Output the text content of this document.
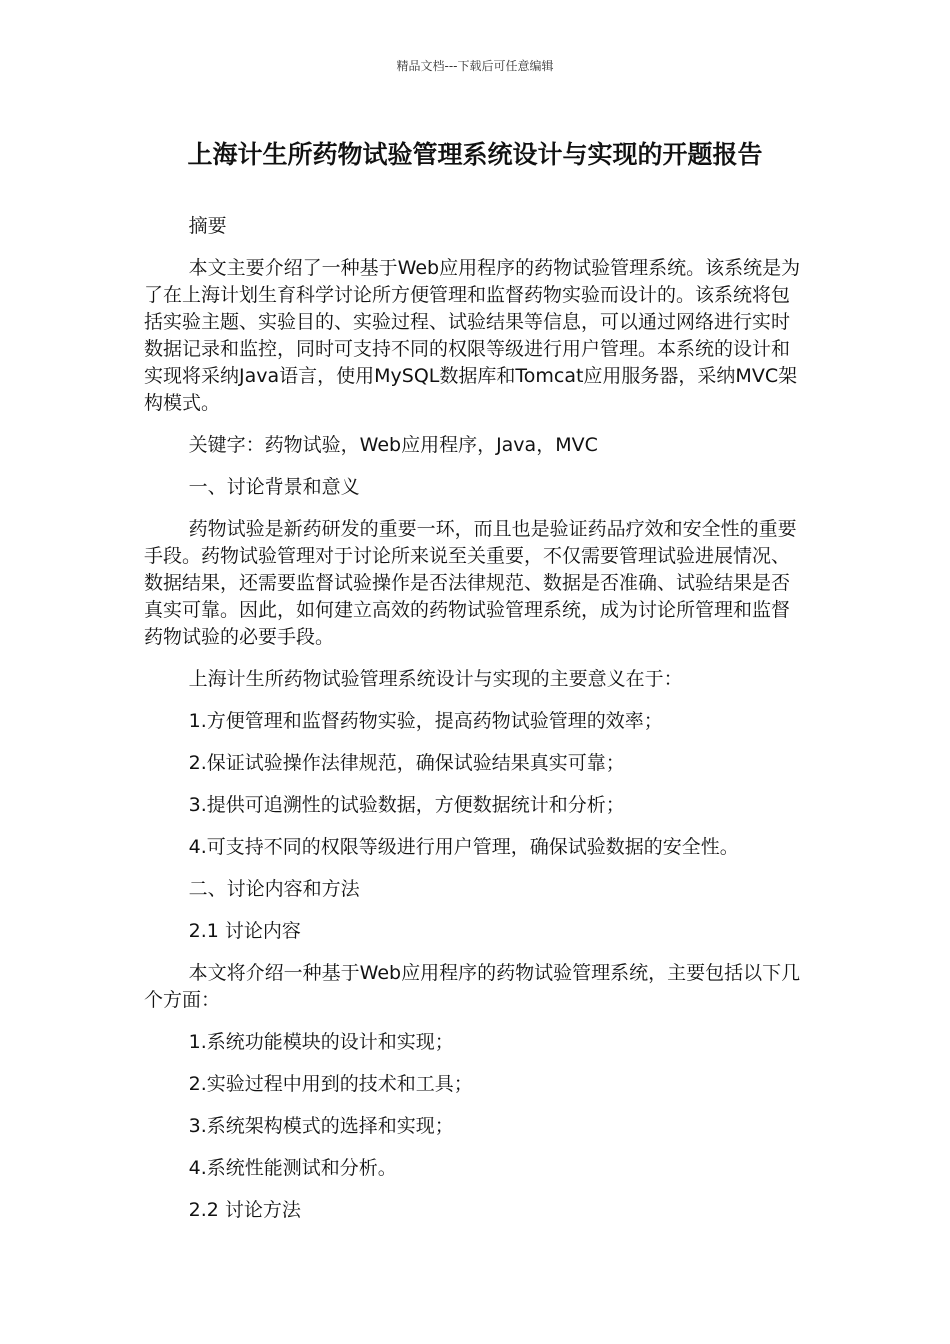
精品文档---下载后可任意编辑
上海计生所药物试验管理系统设计与实现的开题报告

摘要

本文主要介绍了一种基于Web应用程序的药物试验管理系统。该系统是为了在上海计划生育科学讨论所方便管理和监督药物实验而设计的。该系统将包括实验主题、实验目的、实验过程、试验结果等信息，可以通过网络进行实时数据记录和监控，同时可支持不同的权限等级进行用户管理。本系统的设计和实现将采纳Java语言，使用MySQL数据库和Tomcat应用服务器，采纳MVC架构模式。

关键字：药物试验，Web应用程序，Java，MVC

一、讨论背景和意义

药物试验是新药研发的重要一环，而且也是验证药品疗效和安全性的重要手段。药物试验管理对于讨论所来说至关重要，不仅需要管理试验进展情况、数据结果，还需要监督试验操作是否法律规范、数据是否准确、试验结果是否真实可靠。因此，如何建立高效的药物试验管理系统，成为讨论所管理和监督药物试验的必要手段。

上海计生所药物试验管理系统设计与实现的主要意义在于：

1.方便管理和监督药物实验，提高药物试验管理的效率；

2.保证试验操作法律规范，确保试验结果真实可靠；

3.提供可追溯性的试验数据，方便数据统计和分析；

4.可支持不同的权限等级进行用户管理，确保试验数据的安全性。

二、讨论内容和方法

2.1 讨论内容

本文将介绍一种基于Web应用程序的药物试验管理系统，主要包括以下几个方面：

1.系统功能模块的设计和实现；

2.实验过程中用到的技术和工具；

3.系统架构模式的选择和实现；

4.系统性能测试和分析。

2.2 讨论方法
